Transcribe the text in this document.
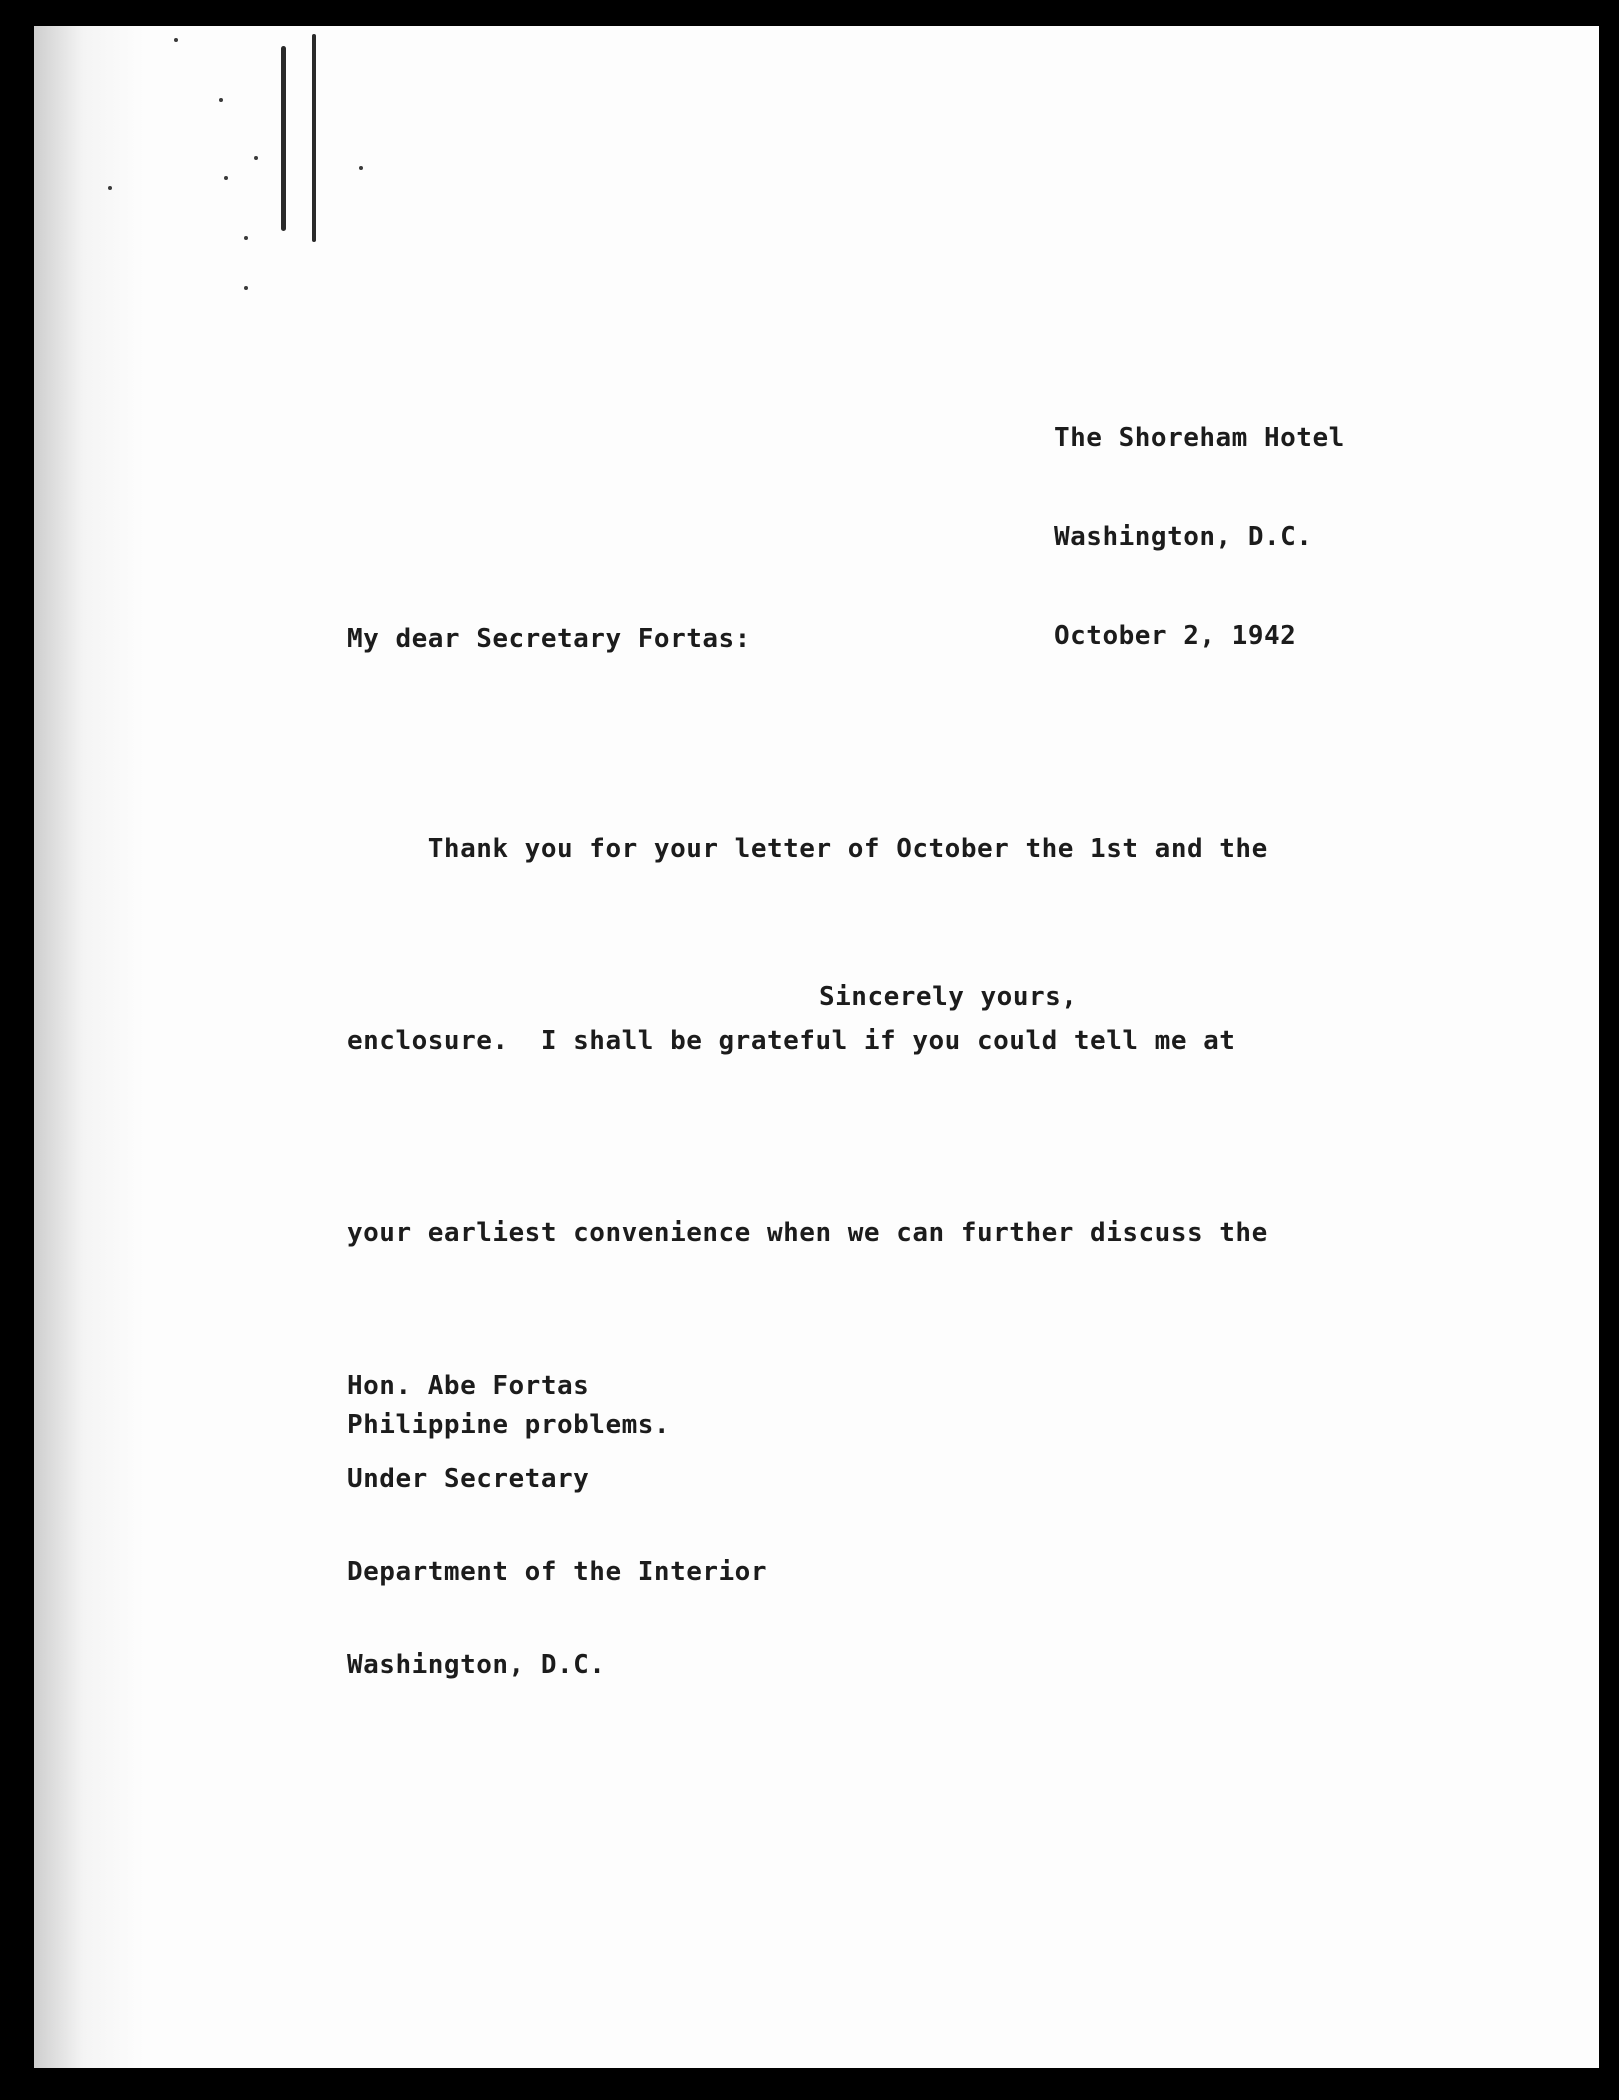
The Shoreham Hotel

Washington, D.C.

October 2, 1942

My dear Secretary Fortas:

Thank you for your letter of October the 1st and the

enclosure.  I shall be grateful if you could tell me at

your earliest convenience when we can further discuss the

Philippine problems.

Sincerely yours,

Hon. Abe Fortas

Under Secretary

Department of the Interior

Washington, D.C.
